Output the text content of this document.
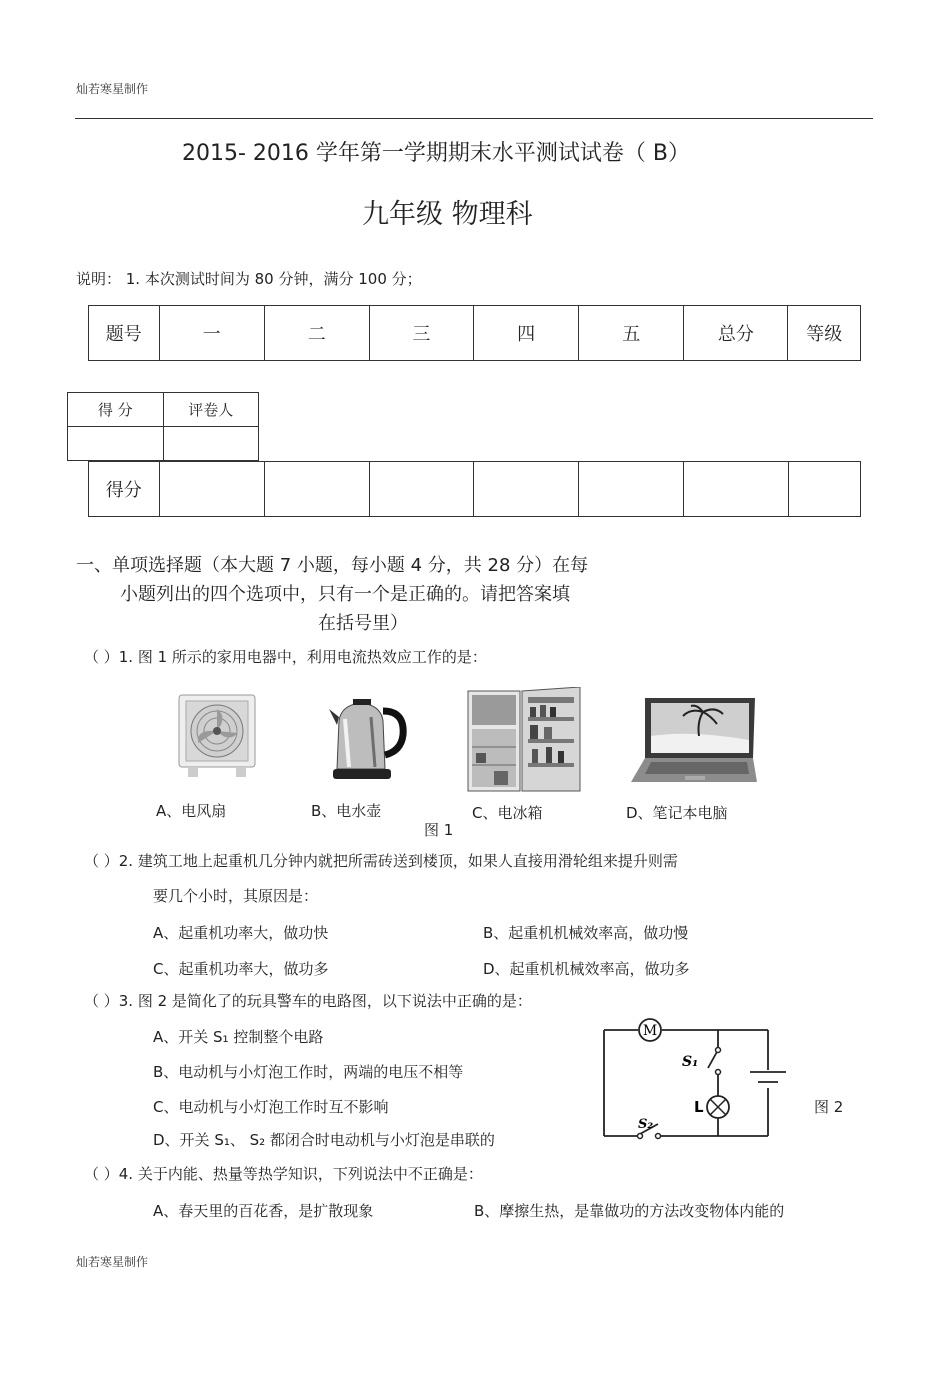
灿若寒星制作
2015- 2016 学年第一学期期末水平测试试卷（ B）
九年级 物理科
说明： 1. 本次测试时间为 80 分钟，满分 100 分；
题号	一	二	三	四	五	总分	等级
得 分	评卷人

得分							
一、单项选择题（本大题 7 小题，每小题 4 分，共 28 分）在每
小题列出的四个选项中，只有一个是正确的。请把答案填
在括号里）
（ ）1. 图 1 所示的家用电器中，利用电流热效应工作的是：
A、电风扇	B、电水壶	C、电冰箱	D、笔记本电脑
图 1
（ ）2. 建筑工地上起重机几分钟内就把所需砖送到楼顶，如果人直接用滑轮组来提升则需
要几个小时，其原因是：
A、起重机功率大，做功快	B、起重机机械效率高，做功慢
C、起重机功率大，做功多	D、起重机机械效率高，做功多
（ ）3. 图 2 是简化了的玩具警车的电路图，以下说法中正确的是：
A、开关 S₁ 控制整个电路
B、电动机与小灯泡工作时，两端的电压不相等
C、电动机与小灯泡工作时互不影响
D、开关 S₁、 S₂ 都闭合时电动机与小灯泡是串联的
M
S₁
L
S₂
图 2
（ ）4. 关于内能、热量等热学知识，下列说法中不正确是：
A、春天里的百花香，是扩散现象	B、摩擦生热，是靠做功的方法改变物体内能的
灿若寒星制作
